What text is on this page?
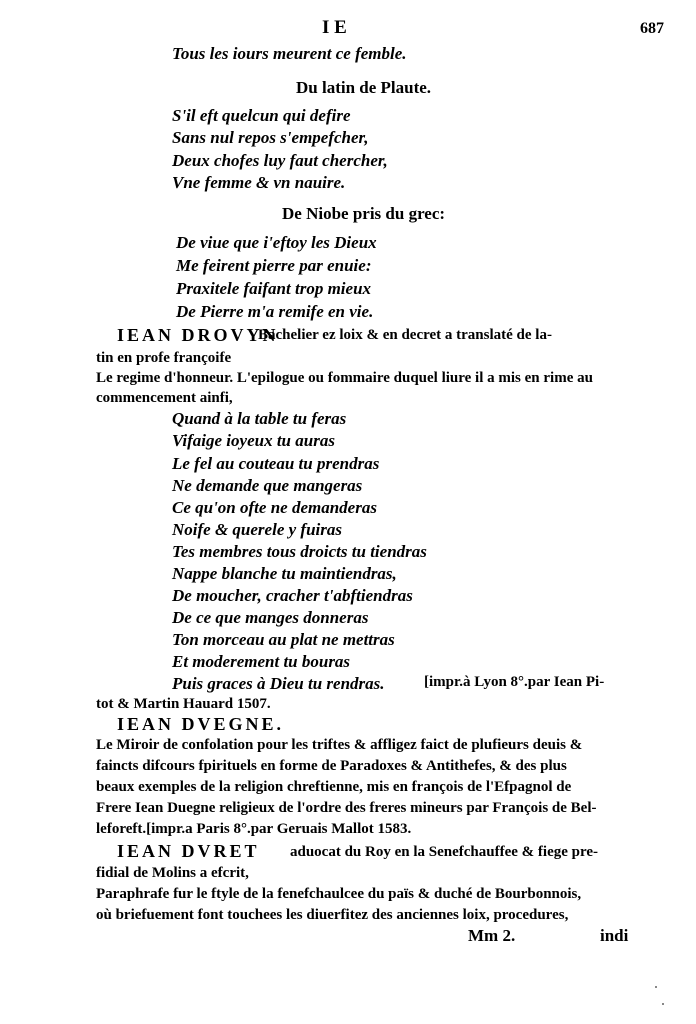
I E	687
Tous les iours meurent ce femble.
Du latin de Plaute.
S'il eft quelcun qui defire
Sans nul repos s'empefcher,
Deux chofes luy faut chercher,
Vne femme & vn nauire.
De Niobe pris du grec:
De viue que i'eftoy les Dieux
Me feirent pierre par enuie:
Praxitele faifant trop mieux
De Pierre m'a remife en vie.
IEAN DROVYN
Bachelier ez loix & en decret a translaté de la-
tin en profe françoife
Le regime d'honneur. L'epilogue ou fommaire duquel liure il a mis en rime au
commencement ainfi,
Quand à la table tu feras
Vifaige ioyeux tu auras
Le fel au couteau tu prendras
Ne demande que mangeras
Ce qu'on ofte ne demanderas
Noife & querele y fuiras
Tes membres tous droicts tu tiendras
Nappe blanche tu maintiendras,
De moucher, cracher t'abftiendras
De ce que manges donneras
Ton morceau au plat ne mettras
Et moderement tu bouras
Puis graces à Dieu tu rendras.	[impr.à Lyon 8°.par Iean Pi-
tot & Martin Hauard 1507.
IEAN DVEGNE.
Le Miroir de confolation pour les triftes & affligez faict de plufieurs deuis &
faincts difcours fpirituels en forme de Paradoxes & Antithefes, & des plus
beaux exemples de la religion chreftienne, mis en françois de l'Efpagnol de
Frere Iean Duegne religieux de l'ordre des freres mineurs par François de Bel-
leforeft.[impr.a Paris 8°.par Geruais Mallot 1583.
IEAN DVRET aduocat du Roy en la Senefchauffee & fiege pre-
fidial de Molins a efcrit,
Paraphrafe fur le ftyle de la fenefchaulcee du païs & duché de Bourbonnois,
où briefuement font touchees les diuerfitez des anciennes loix, procedures,
Mm 2.	indi
